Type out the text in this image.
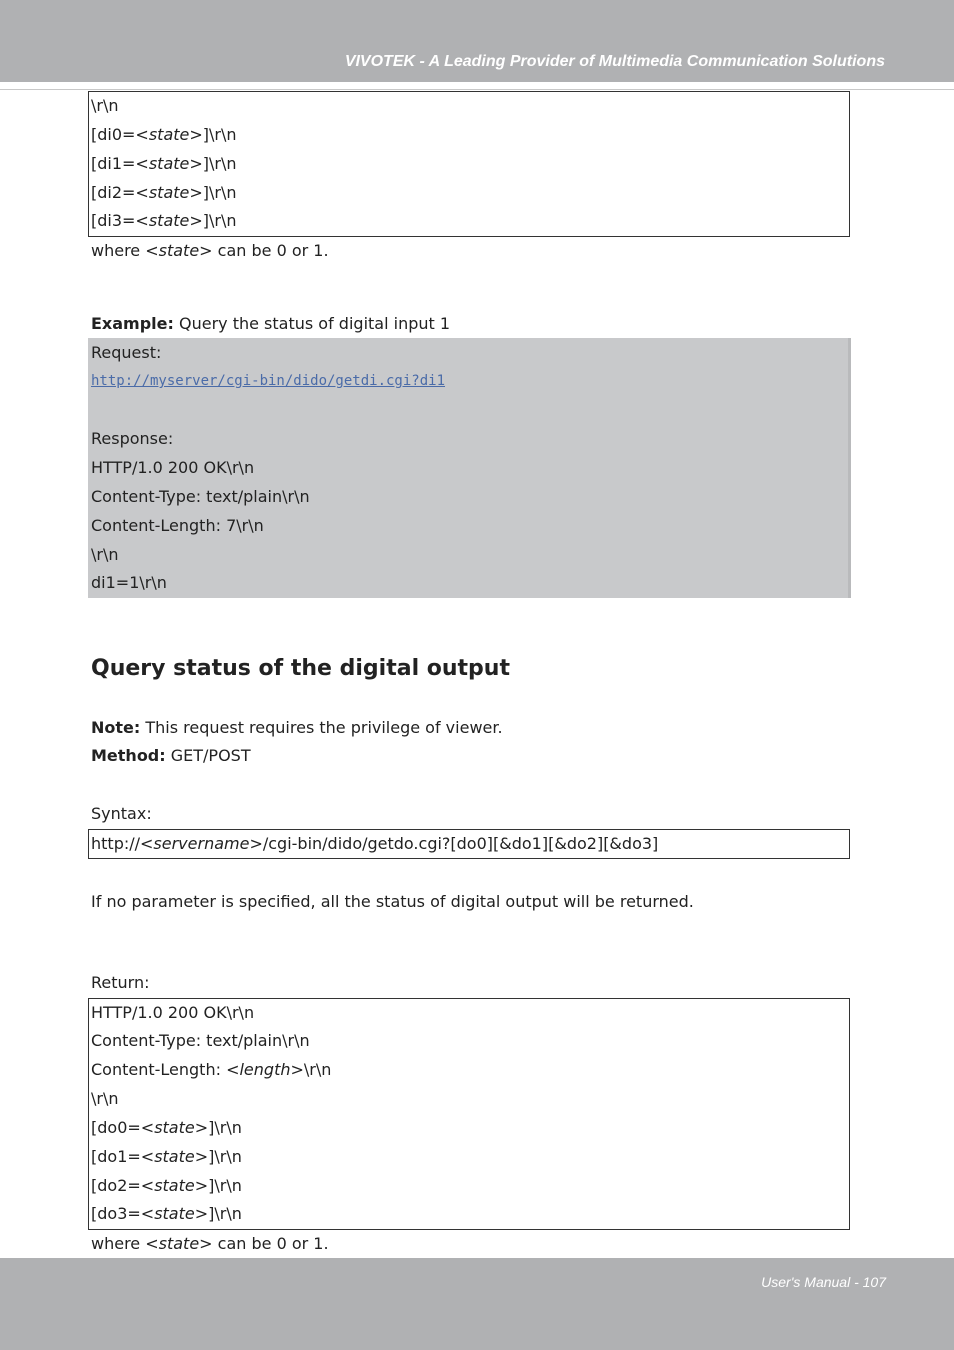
VIVOTEK - A Leading Provider of Multimedia Communication Solutions
\r\n
[di0=<state>]\r\n
[di1=<state>]\r\n
[di2=<state>]\r\n
[di3=<state>]\r\n
where <state> can be 0 or 1.
Example: Query the status of digital input 1
Request:
http://myserver/cgi-bin/dido/getdi.cgi?di1
Response:
HTTP/1.0 200 OK\r\n
Content-Type: text/plain\r\n
Content-Length: 7\r\n
\r\n
di1=1\r\n
Query status of the digital output
Note: This request requires the privilege of viewer.
Method: GET/POST
Syntax:
http://<servername>/cgi-bin/dido/getdo.cgi?[do0][&do1][&do2][&do3]
If no parameter is specified, all the status of digital output will be returned.
Return:
HTTP/1.0 200 OK\r\n
Content-Type: text/plain\r\n
Content-Length: <length>\r\n
\r\n
[do0=<state>]\r\n
[do1=<state>]\r\n
[do2=<state>]\r\n
[do3=<state>]\r\n
User's Manual - 107
where <state> can be 0 or 1.
